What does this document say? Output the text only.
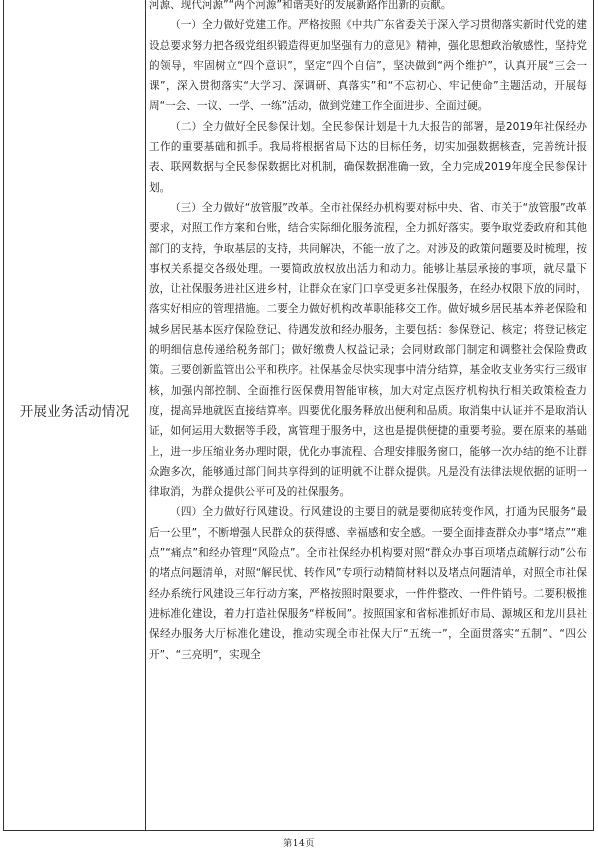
开展业务活动情况

河源、现代河源”“两个河源”和谐美好的发展新路作出新的贡献。

（一）全力做好党建工作。严格按照《中共广东省委关于深入学习贯彻落实新时代党的建设总要求努力把各级党组织锻造得更加坚强有力的意见》精神，强化思想政治敏感性，坚持党的领导，牢固树立“四个意识”，坚定“四个自信”，坚决做到“两个维护”，认真开展“三会一课”，深入贯彻落实“大学习、深调研、真落实”和“不忘初心、牢记使命”主题活动，开展每周“一会、一议、一学、一练”活动，做到党建工作全面进步、全面过硬。

（二）全力做好全民参保计划。全民参保计划是十九大报告的部署，是2019年社保经办工作的重要基础和抓手。我局将根据省局下达的目标任务，切实加强数据核查，完善统计报表、联网数据与全民参保数据比对机制，确保数据准确一致，全力完成2019年度全民参保计划。

（三）全力做好“放管服”改革。全市社保经办机构要对标中央、省、市关于“放管服”改革要求，对照工作方案和台账，结合实际细化服务流程，全力抓好落实。要争取党委政府和其他部门的支持，争取基层的支持，共同解决，不能一放了之。对涉及的政策问题要及时梳理，按事权关系提交各级处理。一要简政放权放出活力和动力。能够让基层承接的事项，就尽量下放，让社保服务进社区进乡村，让群众在家门口享受更多社保服务，在经办权限下放的同时，落实好相应的管理措施。二要全力做好机构改革职能移交工作。做好城乡居民基本养老保险和城乡居民基本医疗保险登记、待遇发放和经办服务，主要包括：参保登记、核定；将登记核定的明细信息传递给税务部门；做好缴费人权益记录；会同财政部门制定和调整社会保险费政策。三要创新监管出公平和秩序。社保基金尽快实现事中清分结算，基金收支业务实行三级审核，加强内部控制、全面推行医保费用智能审核，加大对定点医疗机构执行相关政策检查力度，提高异地就医直接结算率。四要优化服务释放出便利和品质。取消集中认证并不是取消认证，如何运用大数据等手段，寓管理于服务中，这也是提供便捷的重要考验。要在原来的基础上，进一步压缩业务办理时限，优化办事流程、合理安排服务窗口，能够一次办结的绝不让群众跑多次，能够通过部门间共享得到的证明就不让群众提供。凡是没有法律法规依据的证明一律取消，为群众提供公平可及的社保服务。

（四）全力做好行风建设。行风建设的主要目的就是要彻底转变作风，打通为民服务“最后一公里”，不断增强人民群众的获得感、幸福感和安全感。一要全面排查群众办事“堵点”“难点”“痛点”和经办管理“风险点”。全市社保经办机构要对照“群众办事百项堵点疏解行动”公布的堵点问题清单，对照“解民忧、转作风”专项行动精简材料以及堵点问题清单，对照全市社保经办系统行风建设三年行动方案，严格按照时限要求，一件件整改、一件件销号。二要积极推进标准化建设，着力打造社保服务“样板间”。按照国家和省标准抓好市局、源城区和龙川县社保经办服务大厅标准化建设，推动实现全市社保大厅“五统一”，全面贯落实“五制”、“四公开”、“三亮明”，实现全

第14页
